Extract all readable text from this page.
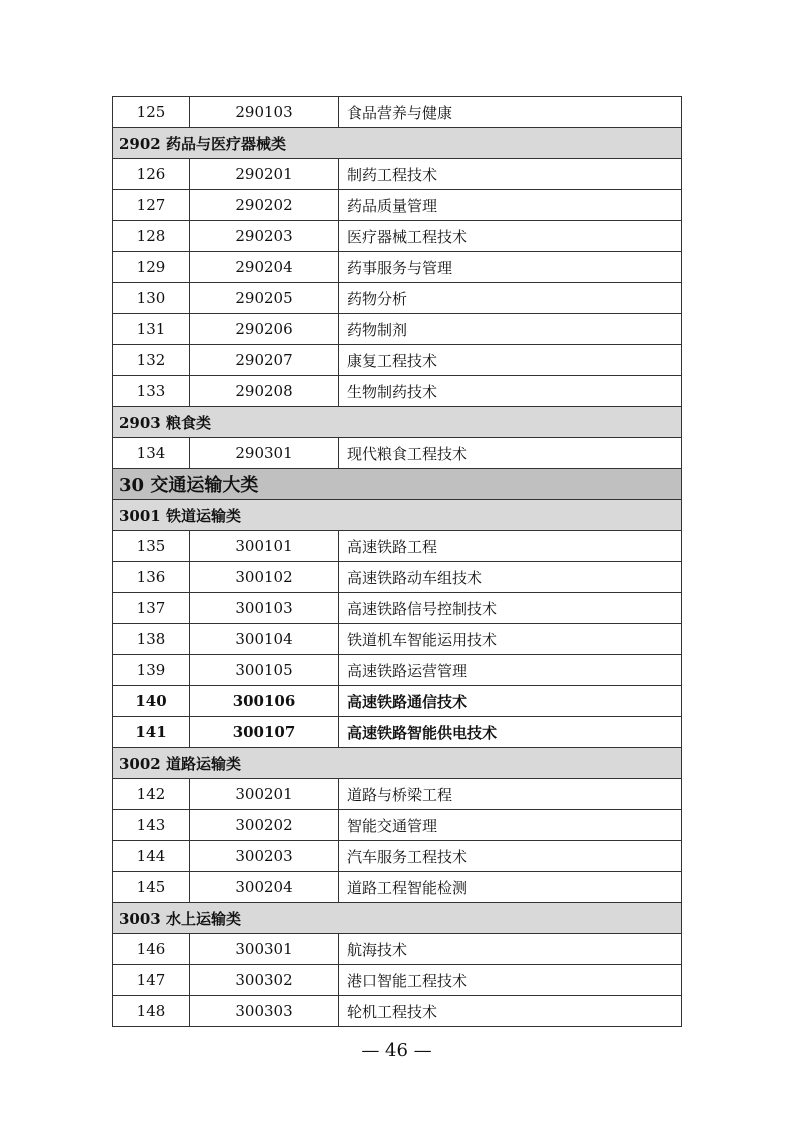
125	290103	食品营养与健康
2902 药品与医疗器械类		
126	290201	制药工程技术
127	290202	药品质量管理
128	290203	医疗器械工程技术
129	290204	药事服务与管理
130	290205	药物分析
131	290206	药物制剂
132	290207	康复工程技术
133	290208	生物制药技术
2903 粮食类		
134	290301	现代粮食工程技术
30 交通运输大类		
3001 铁道运输类		
135	300101	高速铁路工程
136	300102	高速铁路动车组技术
137	300103	高速铁路信号控制技术
138	300104	铁道机车智能运用技术
139	300105	高速铁路运营管理
140	300106	高速铁路通信技术
141	300107	高速铁路智能供电技术
3002 道路运输类		
142	300201	道路与桥梁工程
143	300202	智能交通管理
144	300203	汽车服务工程技术
145	300204	道路工程智能检测
3003 水上运输类		
146	300301	航海技术
147	300302	港口智能工程技术
148	300303	轮机工程技术
— 46 —
